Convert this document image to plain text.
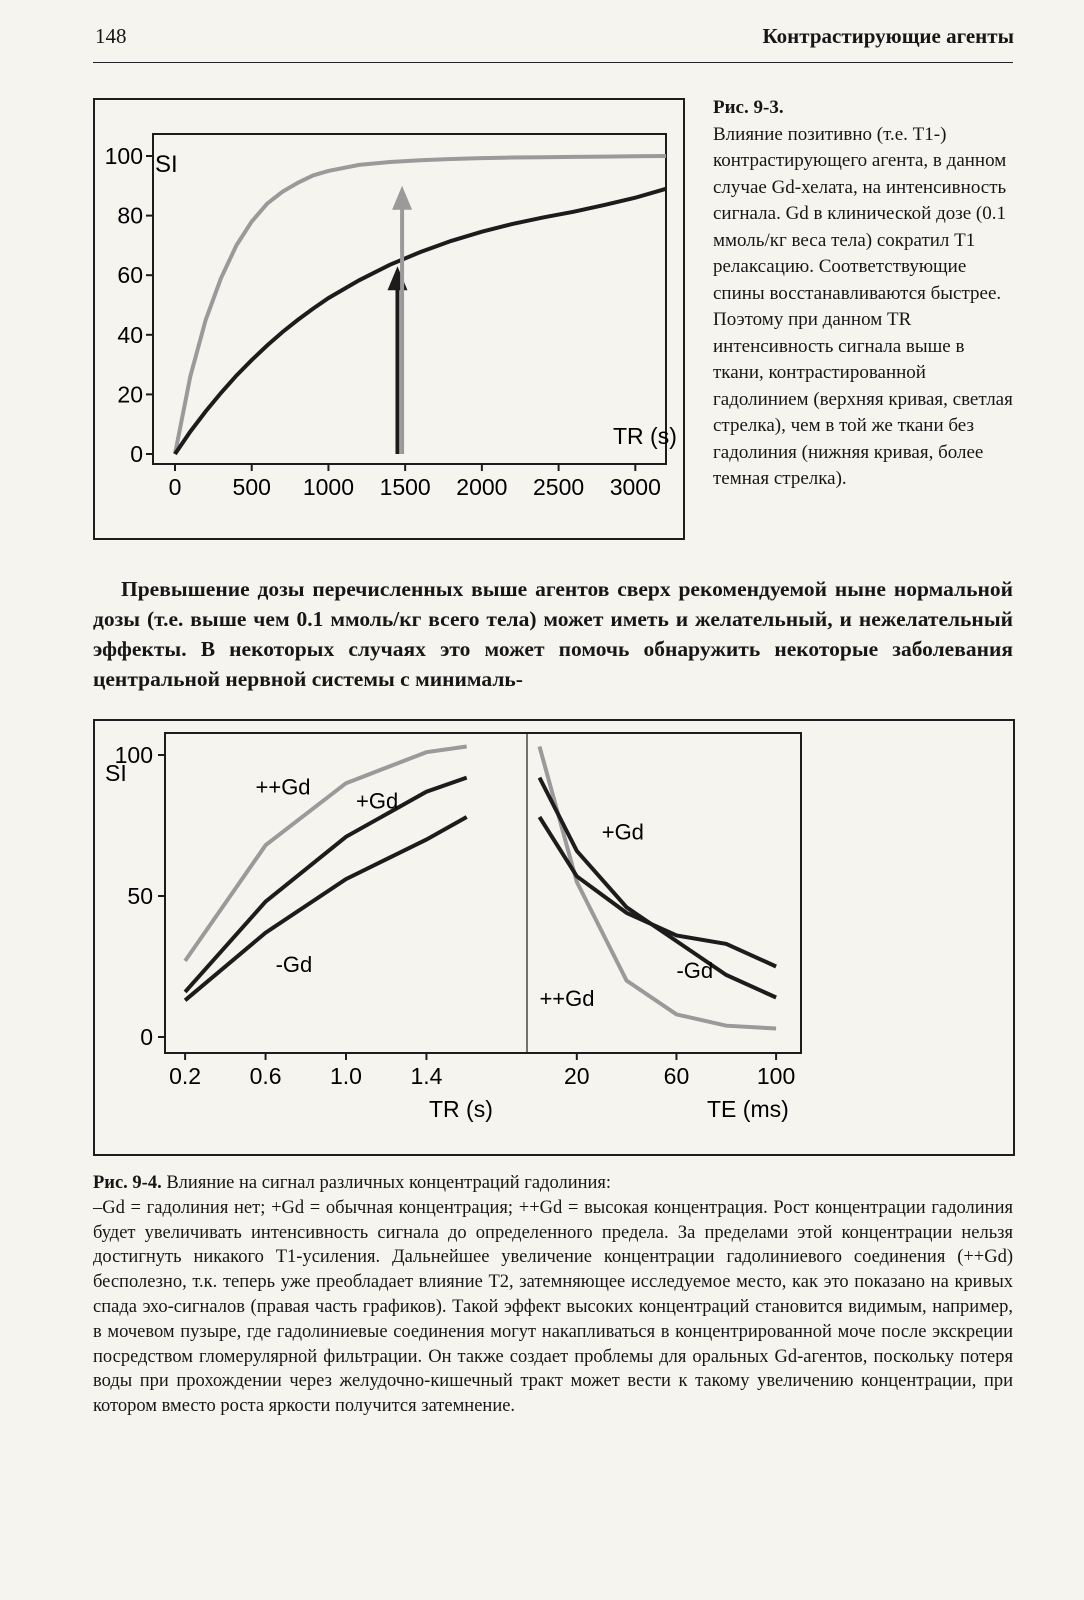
148	Контрастирующие агенты
0
20
40
60
80
100
0 500 1000 1500 2000 2500 3000
SI
TR (s)
Рис. 9-3.
Влияние позитивно (т.е. Т1-) контрастирующего агента, в данном случае Gd-хелата, на интенсивность сигнала. Gd в клинической дозе (0.1 ммоль/кг веса тела) сократил T1 релаксацию. Соответствующие спины восстанавливаются быстрее. Поэтому при данном TR интенсивность сигнала выше в ткани, контрастированной гадолинием (верхняя кривая, светлая стрелка), чем в той же ткани без гадолиния (нижняя кривая, более темная стрелка).

Превышение дозы перечисленных выше агентов сверх рекомендуемой ныне нормальной дозы (т.е. выше чем 0.1 ммоль/кг всего тела) может иметь и желательный, и нежелательный эффекты. В некоторых случаях это может помочь обнаружить некоторые заболевания центральной нервной системы с минималь-

0
50
100
0.2 0.6 1.0 1.4	20	60	100
++Gd
+Gd
-Gd
+Gd
-Gd
++Gd
SI
TR (s)	TE (ms)

Рис. 9-4. Влияние на сигнал различных концентраций гадолиния:
–Gd = гадолиния нет; +Gd = обычная концентрация; ++Gd = высокая концентрация. Рост концентрации гадолиния будет увеличивать интенсивность сигнала до определенного предела. За пределами этой концентрации нельзя достигнуть никакого T1-усиления. Дальнейшее увеличение концентрации гадолиниевого соединения (++Gd) бесполезно, т.к. теперь уже преобладает влияние T2, затемняющее исследуемое место, как это показано на кривых спада эхо-сигналов (правая часть графиков). Такой эффект высоких концентраций становится видимым, например, в мочевом пузыре, где гадолиниевые соединения могут накапливаться в концентрированной моче после экскреции посредством гломерулярной фильтрации. Он также создает проблемы для оральных Gd-агентов, поскольку потеря воды при прохождении через желудочно-кишечный тракт может вести к такому увеличению концентрации, при котором вместо роста яркости получится затемнение.
